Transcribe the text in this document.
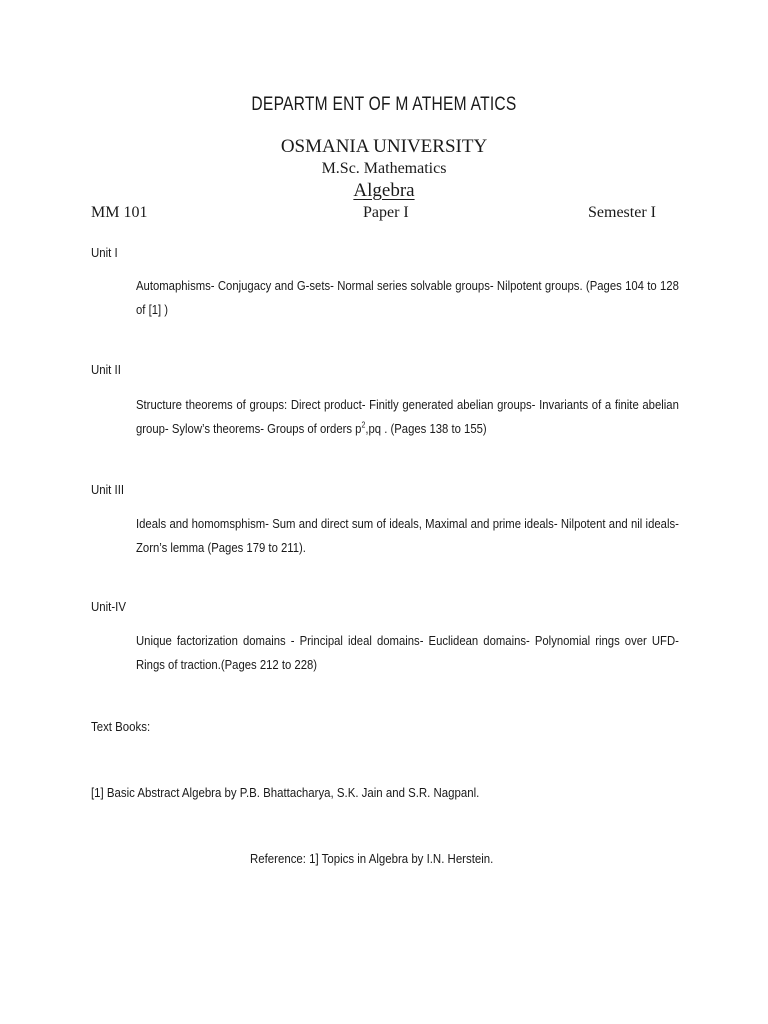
DEPARTM ENT OF M ATHEM ATICS
OSMANIA UNIVERSITY
M.Sc. Mathematics
Algebra
MM 101	Paper I	Semester I
Unit I
Automaphisms- Conjugacy and G-sets- Normal series solvable groups- Nilpotent groups. (Pages 104 to 128 of [1] )
Unit II
Structure theorems of groups: Direct product- Finitly generated abelian groups- Invariants of a finite abelian group- Sylow’s theorems- Groups of orders $p^2,pq$ . (Pages 138 to 155)
Unit III
Ideals and homomsphism- Sum and direct sum of ideals, Maximal and prime ideals- Nilpotent and nil ideals- Zorn’s lemma (Pages 179 to 211).
Unit-IV
Unique factorization domains - Principal ideal domains- Euclidean domains- Polynomial rings over UFD- Rings of traction.(Pages 212 to 228)
Text Books:
[1] Basic Abstract Algebra by P.B. Bhattacharya, S.K. Jain and S.R. Nagpanl.
Reference: 1] Topics in Algebra by I.N. Herstein.
